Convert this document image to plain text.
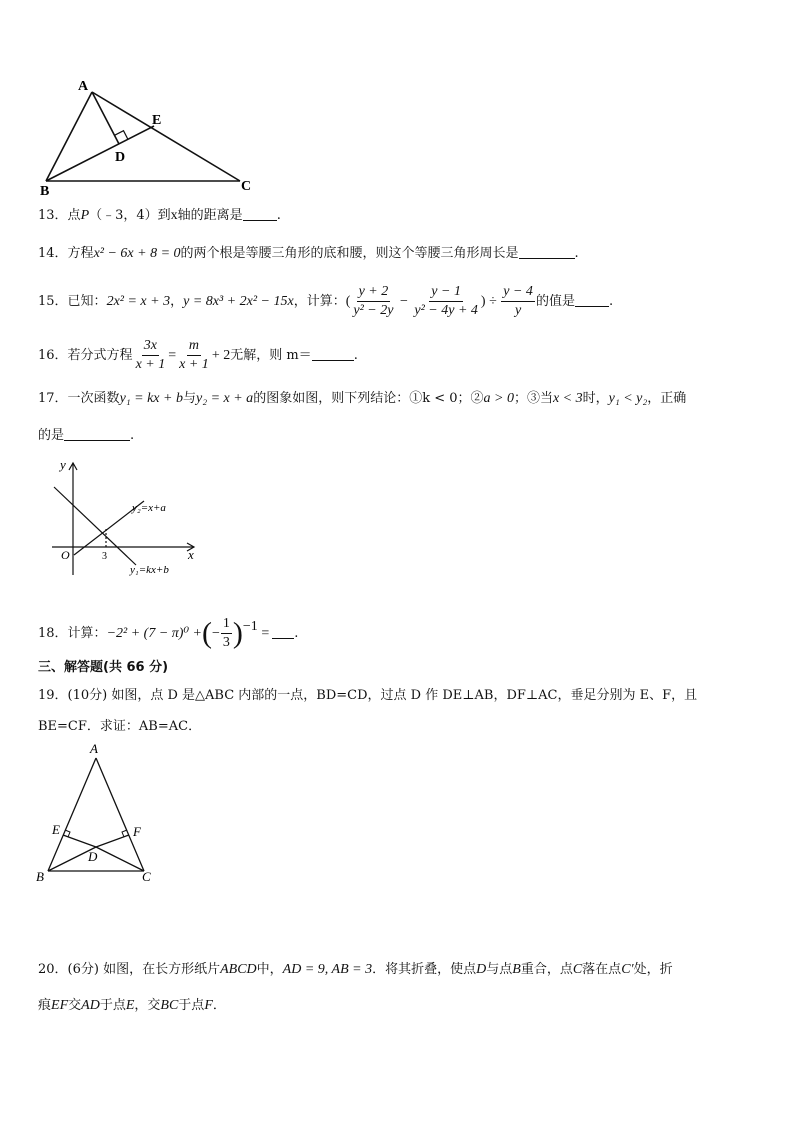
A
B	C
D
E
13．点P（﹣3，4）到x轴的距离是	.
14．方程x² − 6x + 8 = 0的两个根是等腰三角形的底和腰，则这个等腰三角形周长是	.
15．已知：2x² = x + 3，y = 8x³ + 2x² − 15x，计算：( $\frac{y + 2}{\text{y² − 2y}} - \frac{y - 1}{\text{y² − 4y + 4}}$ ) ÷ $\frac{y - 4}{y}$ 的值是	.
16．若分式方程 $\frac{3x}{x + 1} = \frac{m}{x + 1} + 2$无解，则 m＝	.
17．一次函数y₁ = kx + b与y₂ = x + a的图象如图，则下列结论：①k < 0；②a > 0；③当x < 3时，y₁ < y₂，正确
的是	.
y
x
O	3
y₂=x+a
y₁=kx+b
18．计算：−2² + (7 − π)⁰ +(− $\frac{1}{3} )^{-1}$ = .
三、解答题(共 66 分)
19．(10分) 如图，点 D 是△ABC 内部的一点，BD=CD，过点 D 作 DE⊥AB，DF⊥AC，垂足分别为 E、F，且
BE=CF．求证：AB=AC．
A
B	C
D
E	F
20．(6分) 如图，在长方形纸片ABCD中，AD = 9, AB = 3．将其折叠，使点D与点B重合，点C落在点C′处，折
痕EF交AD于点E，交BC于点F．
